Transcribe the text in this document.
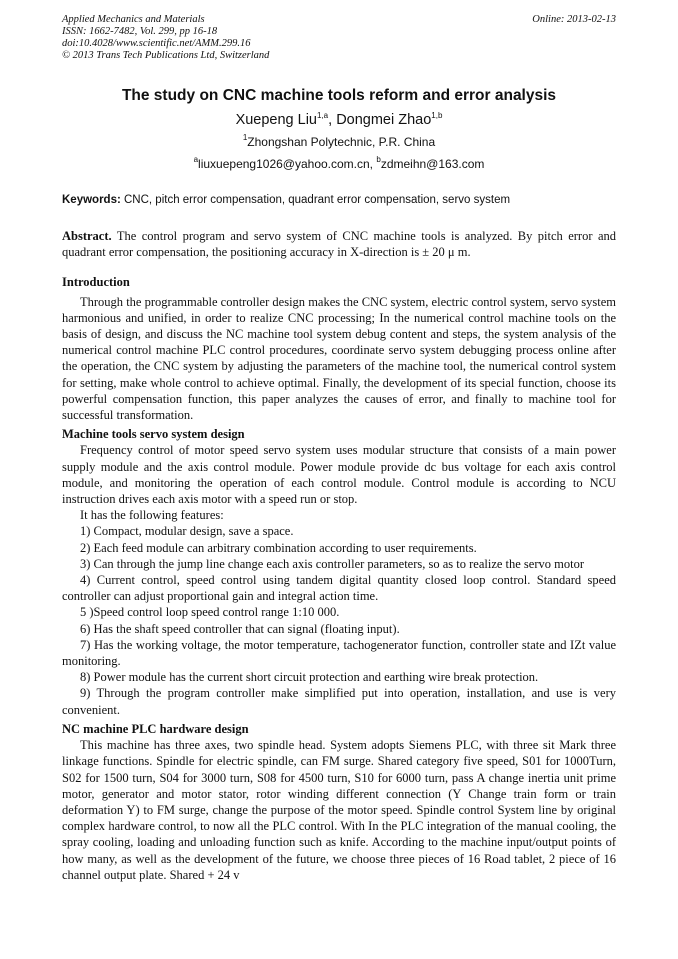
Applied Mechanics and Materials
ISSN: 1662-7482, Vol. 299, pp 16-18
doi:10.4028/www.scientific.net/AMM.299.16
© 2013 Trans Tech Publications Ltd, Switzerland
Online: 2013-02-13
The study on CNC machine tools reform and error analysis
Xuepeng Liu$^{1,a}$, Dongmei Zhao$^{1,b}$
$^1$Zhongshan Polytechnic, P.R. China
$^a$liuxuepeng1026@yahoo.com.cn, $^b$zdmeihn@163.com
Keywords: CNC, pitch error compensation, quadrant error compensation, servo system

Abstract. The control program and servo system of CNC machine tools is analyzed. By pitch error and quadrant error compensation, the positioning accuracy in X-direction is ± 20 μ m.

Introduction

Through the programmable controller design makes the CNC system, electric control system, servo system harmonious and unified, in order to realize CNC processing; In the numerical control machine tools on the basis of design, and discuss the NC machine tool system debug content and steps, the system analysis of the numerical control machine PLC control procedures, coordinate servo system debugging process online after the operation, the CNC system by adjusting the parameters of the machine tool, the numerical control system for setting, make whole control to achieve optimal. Finally, the development of its special function, choose its powerful compensation function, this paper analyzes the causes of error, and finally to machine tool for successful transformation.

Machine tools servo system design

Frequency control of motor speed servo system uses modular structure that consists of a main power supply module and the axis control module. Power module provide dc bus voltage for each axis control module, and monitoring the operation of each control module. Control module is according to NCU instruction drives each axis motor with a speed run or stop.

It has the following features:

1) Compact, modular design, save a space.

2) Each feed module can arbitrary combination according to user requirements.

3) Can through the jump line change each axis controller parameters, so as to realize the servo motor

4) Current control, speed control using tandem digital quantity closed loop control. Standard speed controller can adjust proportional gain and integral action time.

5 )Speed control loop speed control range 1:10 000.

6) Has the shaft speed controller that can signal (floating input).

7) Has the working voltage, the motor temperature, tachogenerator function, controller state and IZt value monitoring.

8) Power module has the current short circuit protection and earthing wire break protection.

9) Through the program controller make simplified put into operation, installation, and use is very convenient.

NC machine PLC hardware design

This machine has three axes, two spindle head. System adopts Siemens PLC, with three sit Mark three linkage functions. Spindle for electric spindle, can FM surge. Shared category five speed, S01 for 1000Turn, S02 for 1500 turn, S04 for 3000 turn, S08 for 4500 turn, S10 for 6000 turn, pass A change inertia unit prime motor, generator and motor stator, rotor winding different connection (Y Change train form or train deformation Y) to FM surge, change the purpose of the motor speed. Spindle control System line by original complex hardware control, to now all the PLC control. With In the PLC integration of the manual cooling, the spray cooling, loading and unloading function such as knife. According to the machine input/output points of how many, as well as the development of the future, we choose three pieces of 16 Road tablet, 2 piece of 16 channel output plate. Shared + 24 v
